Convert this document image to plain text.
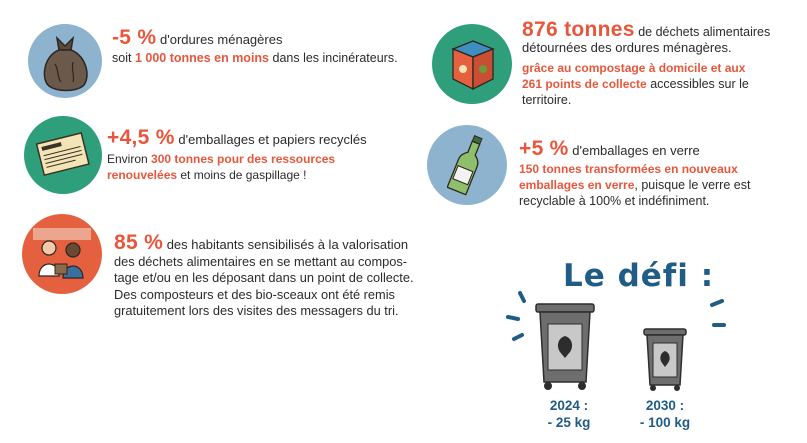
-5 % d'ordures ménagères

soit 1 000 tonnes en moins dans les incinérateurs.

+4,5 % d'emballages et papiers recyclés

Environ 300 tonnes pour des ressources

renouvelées et moins de gaspillage !

85 % des habitants sensibilisés à la valorisation

des déchets alimentaires en se mettant au compos-

tage et/ou en les déposant dans un point de collecte.

Des composteurs et des bio-sceaux ont été remis

gratuitement lors des visites des messagers du tri.

876 tonnes de déchets alimentaires

détournées des ordures ménagères.

grâce au compostage à domicile et aux

261 points de collecte accessibles sur le

territoire.

+5 % d'emballages en verre

150 tonnes transformées en nouveaux

emballages en verre, puisque le verre est

recyclable à 100% et indéfiniment.

Le défi :
2024 :
- 25 kg
2030 :
- 100 kg
